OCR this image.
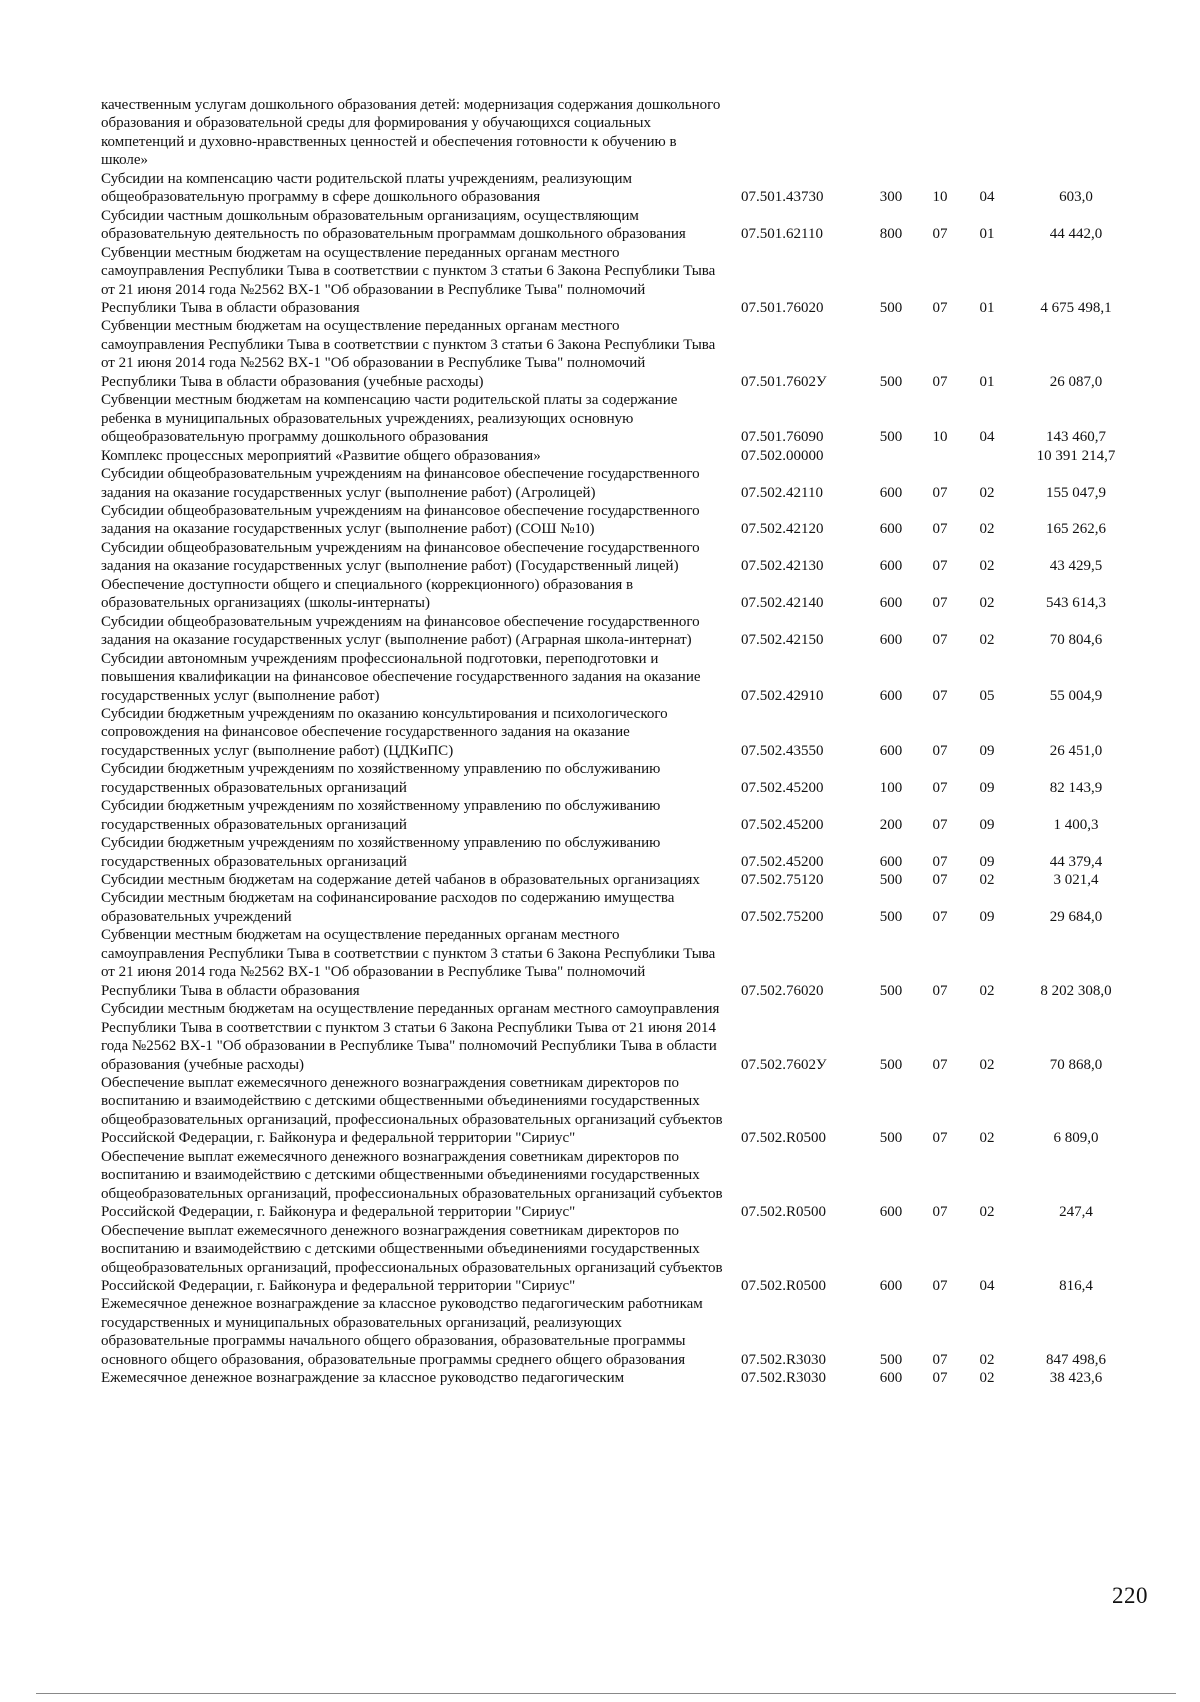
качественным услугам дошкольного образования детей: модернизация содержания дошкольного образования и образовательной среды для формирования у обучающихся социальных компетенций и духовно-нравственных ценностей и обеспечения готовности к обучению в школе»					
Субсидии на компенсацию части родительской платы учреждениям, реализующим общеобразовательную программу в сфере дошкольного образования	07.501.43730	300	10	04	603,0
Субсидии частным дошкольным образовательным организациям, осуществляющим образовательную деятельность по образовательным программам дошкольного образования	07.501.62110	800	07	01	44 442,0
Субвенции местным бюджетам на осуществление переданных органам местного самоуправления Республики Тыва в соответствии с пунктом 3 статьи 6 Закона Республики Тыва от 21 июня 2014 года №2562 ВХ-1 "Об образовании в Республике Тыва" полномочий Республики Тыва в области образования	07.501.76020	500	07	01	4 675 498,1
Субвенции местным бюджетам на осуществление переданных органам местного самоуправления Республики Тыва в соответствии с пунктом 3 статьи 6 Закона Республики Тыва от 21 июня 2014 года №2562 ВХ-1 "Об образовании в Республике Тыва" полномочий Республики Тыва в области образования (учебные расходы)	07.501.7602У	500	07	01	26 087,0
Субвенции местным бюджетам на компенсацию части родительской платы за содержание ребенка в муниципальных образовательных учреждениях, реализующих основную общеобразовательную программу дошкольного образования	07.501.76090	500	10	04	143 460,7
Комплекс процессных мероприятий «Развитие общего образования»	07.502.00000				10 391 214,7
Субсидии общеобразовательным учреждениям на финансовое обеспечение государственного задания на оказание государственных услуг (выполнение работ) (Агролицей)	07.502.42110	600	07	02	155 047,9
Субсидии общеобразовательным учреждениям на финансовое обеспечение государственного задания на оказание государственных услуг (выполнение работ) (СОШ №10)	07.502.42120	600	07	02	165 262,6
Субсидии общеобразовательным учреждениям на финансовое обеспечение государственного задания на оказание государственных услуг (выполнение работ) (Государственный лицей)	07.502.42130	600	07	02	43 429,5
Обеспечение доступности общего и специального (коррекционного) образования в образовательных организациях (школы-интернаты)	07.502.42140	600	07	02	543 614,3
Субсидии общеобразовательным учреждениям на финансовое обеспечение государственного задания на оказание государственных услуг (выполнение работ) (Аграрная школа-интернат)	07.502.42150	600	07	02	70 804,6
Субсидии автономным учреждениям профессиональной подготовки, переподготовки и повышения квалификации на финансовое обеспечение государственного задания на оказание государственных услуг (выполнение работ)	07.502.42910	600	07	05	55 004,9
Субсидии бюджетным учреждениям по оказанию консультирования и психологического сопровождения на финансовое обеспечение государственного задания на оказание государственных услуг (выполнение работ) (ЦДКиПС)	07.502.43550	600	07	09	26 451,0
Субсидии бюджетным учреждениям по хозяйственному управлению по обслуживанию государственных образовательных организаций	07.502.45200	100	07	09	82 143,9
Субсидии бюджетным учреждениям по хозяйственному управлению по обслуживанию государственных образовательных организаций	07.502.45200	200	07	09	1 400,3
Субсидии бюджетным учреждениям по хозяйственному управлению по обслуживанию государственных образовательных организаций	07.502.45200	600	07	09	44 379,4
Субсидии местным бюджетам на содержание детей чабанов в образовательных организациях	07.502.75120	500	07	02	3 021,4
Субсидии местным бюджетам на софинансирование расходов по содержанию имущества образовательных учреждений	07.502.75200	500	07	09	29 684,0
Субвенции местным бюджетам на осуществление переданных органам местного самоуправления Республики Тыва в соответствии с пунктом 3 статьи 6 Закона Республики Тыва от 21 июня 2014 года №2562 ВХ-1 "Об образовании в Республике Тыва" полномочий Республики Тыва в области образования	07.502.76020	500	07	02	8 202 308,0
Субсидии местным бюджетам на осуществление переданных органам местного самоуправления Республики Тыва в соответствии с пунктом 3 статьи 6 Закона Республики Тыва от 21 июня 2014 года №2562 ВХ-1 "Об образовании в Республике Тыва" полномочий Республики Тыва в области образования (учебные расходы)	07.502.7602У	500	07	02	70 868,0
Обеспечение выплат ежемесячного денежного вознаграждения советникам директоров по воспитанию и взаимодействию с детскими общественными объединениями государственных общеобразовательных организаций, профессиональных образовательных организаций субъектов Российской Федерации, г. Байконура и федеральной территории "Сириус"	07.502.R0500	500	07	02	6 809,0
Обеспечение выплат ежемесячного денежного вознаграждения советникам директоров по воспитанию и взаимодействию с детскими общественными объединениями государственных общеобразовательных организаций, профессиональных образовательных организаций субъектов Российской Федерации, г. Байконура и федеральной территории "Сириус"	07.502.R0500	600	07	02	247,4
Обеспечение выплат ежемесячного денежного вознаграждения советникам директоров по воспитанию и взаимодействию с детскими общественными объединениями государственных общеобразовательных организаций, профессиональных образовательных организаций субъектов Российской Федерации, г. Байконура и федеральной территории "Сириус"	07.502.R0500	600	07	04	816,4
Ежемесячное денежное вознаграждение за классное руководство педагогическим работникам государственных и муниципальных образовательных организаций, реализующих образовательные программы начального общего образования, образовательные программы основного общего образования, образовательные программы среднего общего образования	07.502.R3030	500	07	02	847 498,6
Ежемесячное денежное вознаграждение за классное руководство педагогическим	07.502.R3030	600	07	02	38 423,6
220
